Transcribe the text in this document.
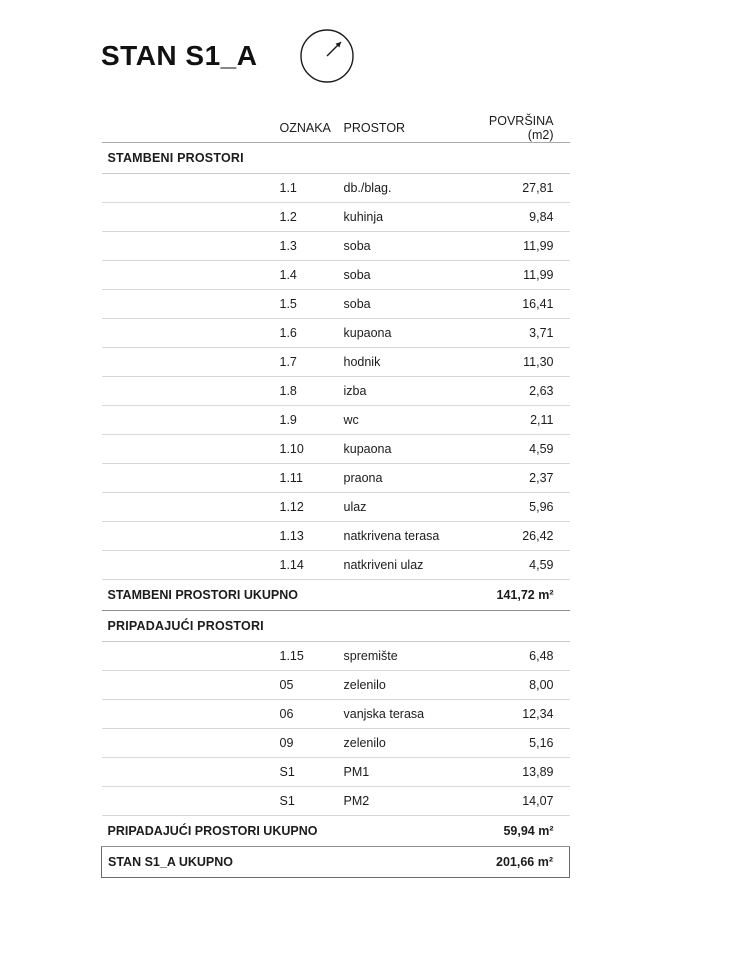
STAN S1_A
	OZNAKA	PROSTOR	POVRŠINA (m2)
STAMBENI PROSTORI			
	1.1	db./blag.	27,81
	1.2	kuhinja	9,84
	1.3	soba	11,99
	1.4	soba	11,99
	1.5	soba	16,41
	1.6	kupaona	3,71
	1.7	hodnik	11,30
	1.8	izba	2,63
	1.9	wc	2,11
	1.10	kupaona	4,59
	1.11	praona	2,37
	1.12	ulaz	5,96
	1.13	natkrivena terasa	26,42
	1.14	natkriveni ulaz	4,59
STAMBENI PROSTORI UKUPNO			141,72 m²
PRIPADAJUĆI PROSTORI			
	1.15	spremište	6,48
	05	zelenilo	8,00
	06	vanjska terasa	12,34
	09	zelenilo	5,16
	S1	PM1	13,89
	S1	PM2	14,07
PRIPADAJUĆI PROSTORI UKUPNO			59,94 m²
STAN S1_A UKUPNO			201,66 m²
